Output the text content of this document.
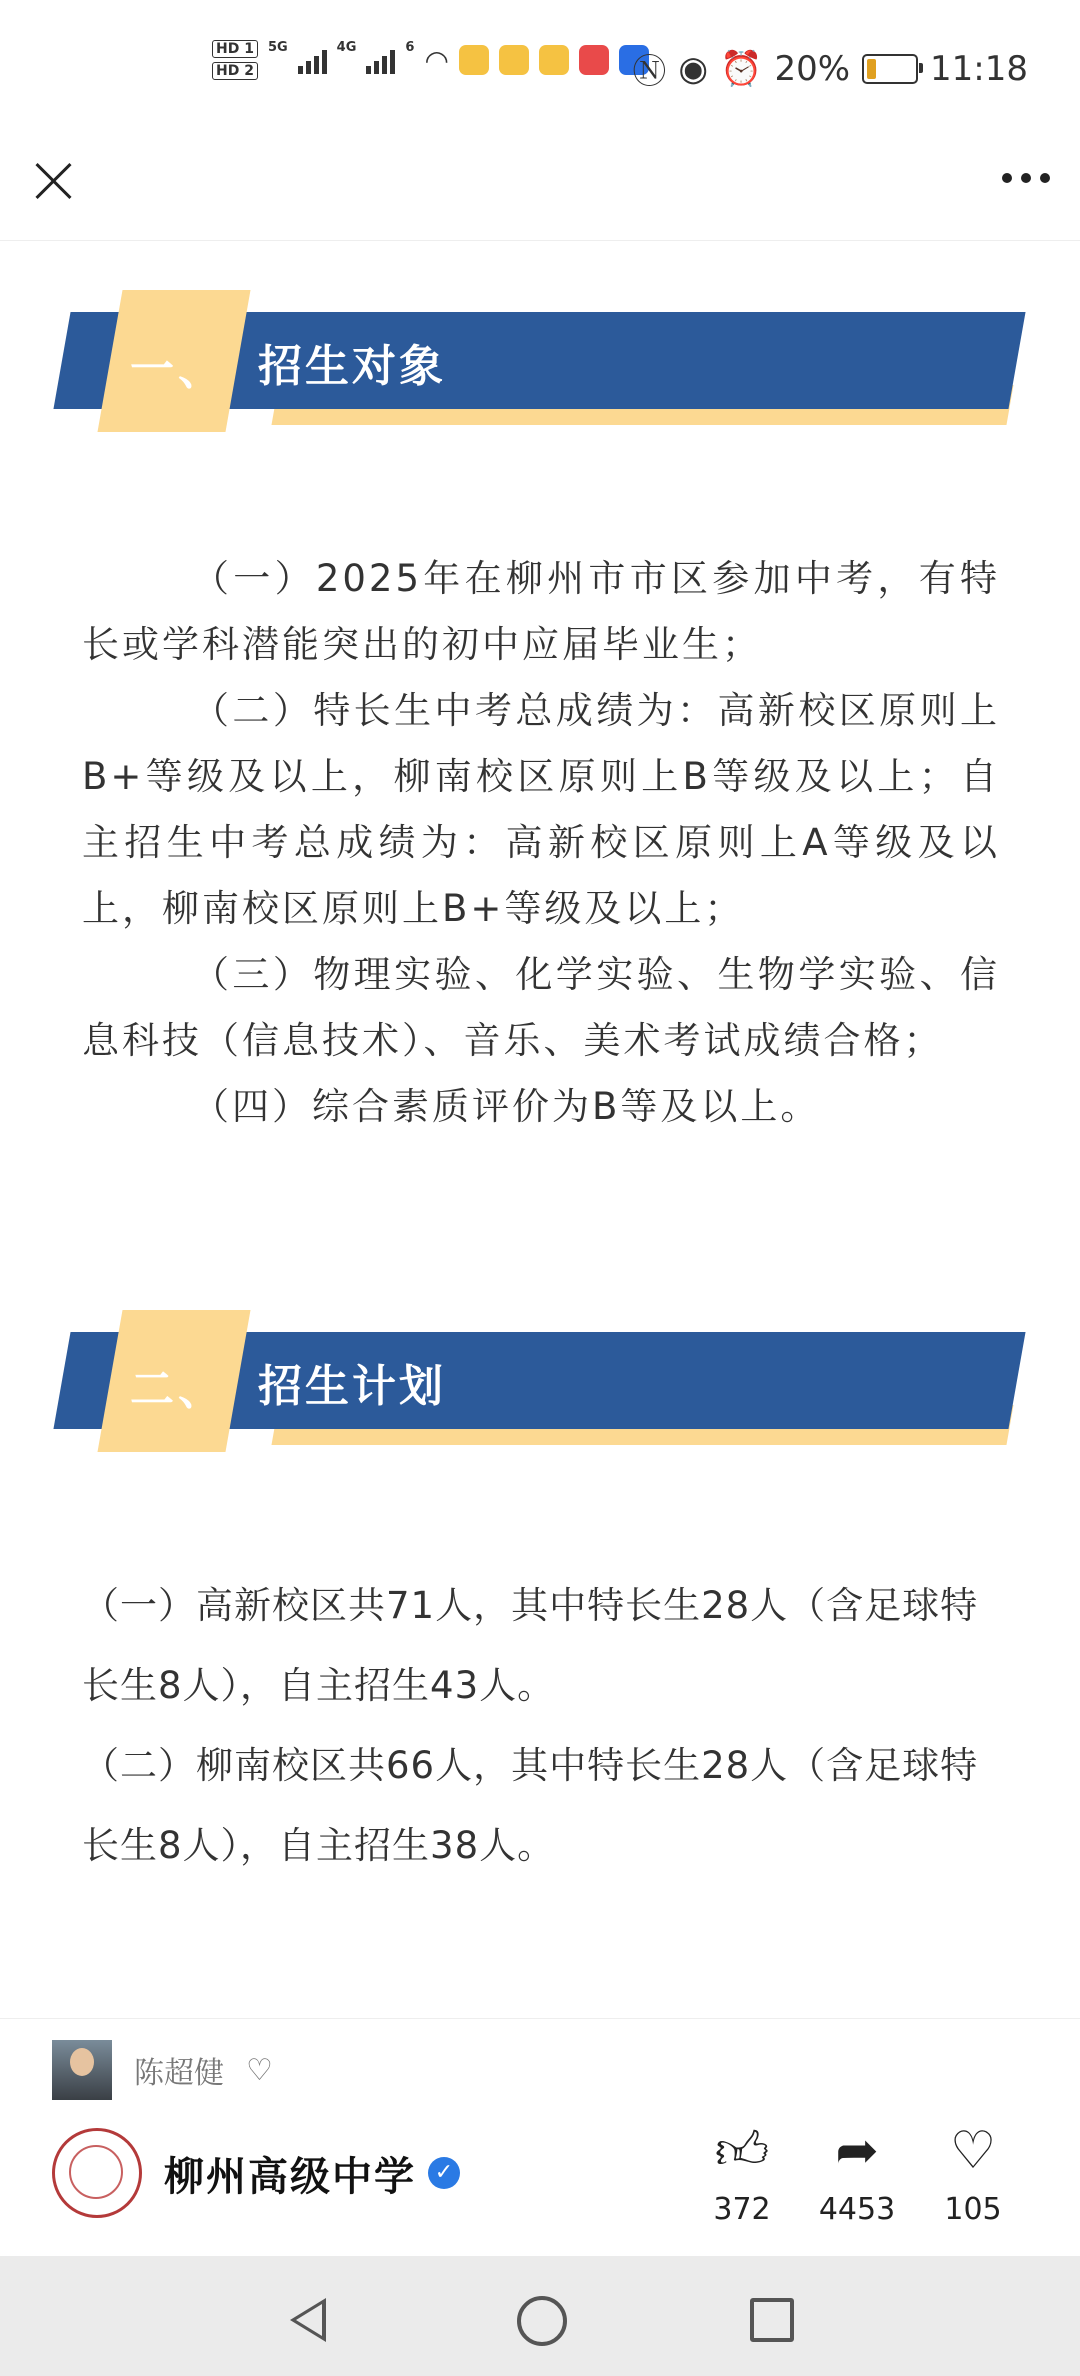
HD 1
HD 2
5G	4G	6 ◠	Ⓝ ◉ ⏰ 20% 11:18
一、 招生对象
（一）2025年在柳州市市区参加中考，有特长或学科潜能突出的初中应届毕业生；
（二）特长生中考总成绩为：高新校区原则上B+等级及以上，柳南校区原则上B等级及以上；自主招生中考总成绩为：高新校区原则上A等级及以上，柳南校区原则上B+等级及以上；
（三）物理实验、化学实验、生物学实验、信息科技（信息技术）、音乐、美术考试成绩合格；
（四）综合素质评价为B等及以上。
二、 招生计划
（一）高新校区共71人，其中特长生28人（含足球特长生8人），自主招生43人。
（二）柳南校区共66人，其中特长生28人（含足球特长生8人），自主招生38人。
陈超健 ♡
柳州高级中学 ✓	👍︎
372
➦
4453
♡
105
